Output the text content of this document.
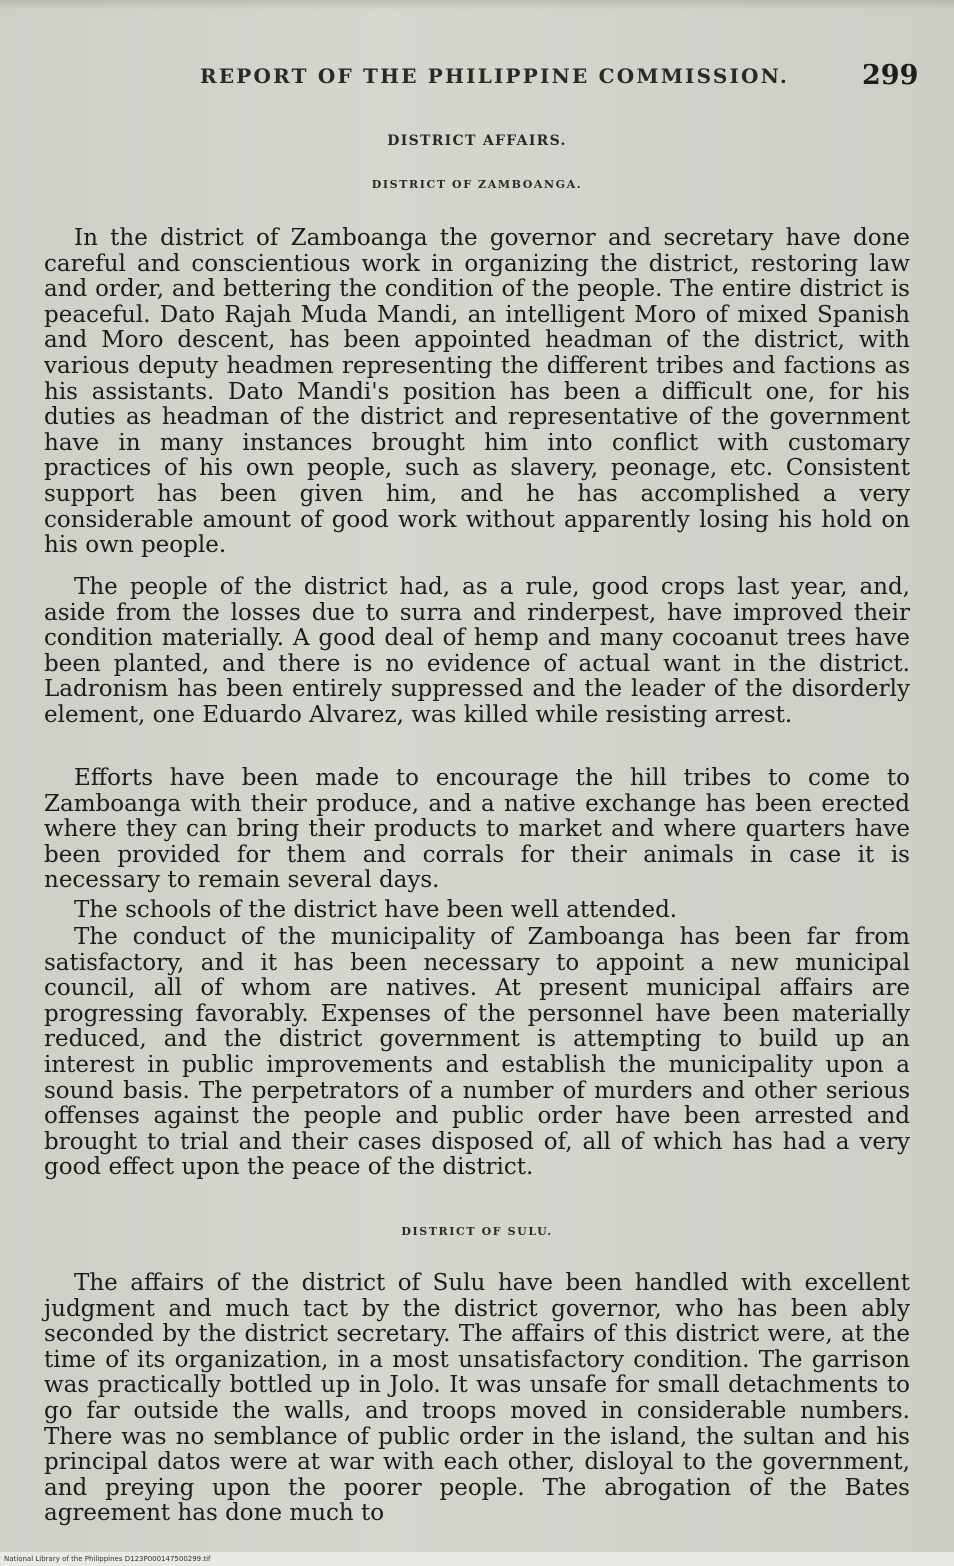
REPORT OF THE PHILIPPINE COMMISSION.	299
DISTRICT AFFAIRS.
DISTRICT OF ZAMBOANGA.

In the district of Zamboanga the governor and secretary have done careful and conscientious work in organizing the district, restoring law and order, and bettering the condition of the people. The entire district is peaceful. Dato Rajah Muda Mandi, an intelligent Moro of mixed Spanish and Moro descent, has been appointed headman of the district, with various deputy headmen representing the different tribes and factions as his assistants. Dato Mandi's position has been a difficult one, for his duties as headman of the district and representative of the government have in many instances brought him into conflict with customary practices of his own people, such as slavery, peonage, etc. Consistent support has been given him, and he has accomplished a very considerable amount of good work without apparently losing his hold on his own people.

The people of the district had, as a rule, good crops last year, and, aside from the losses due to surra and rinderpest, have improved their condition materially. A good deal of hemp and many cocoanut trees have been planted, and there is no evidence of actual want in the district. Ladronism has been entirely suppressed and the leader of the disorderly element, one Eduardo Alvarez, was killed while resisting arrest.

Efforts have been made to encourage the hill tribes to come to Zamboanga with their produce, and a native exchange has been erected where they can bring their products to market and where quarters have been provided for them and corrals for their animals in case it is necessary to remain several days.

The schools of the district have been well attended.

The conduct of the municipality of Zamboanga has been far from satisfactory, and it has been necessary to appoint a new municipal council, all of whom are natives. At present municipal affairs are progressing favorably. Expenses of the personnel have been materially reduced, and the district government is attempting to build up an interest in public improvements and establish the municipality upon a sound basis. The perpetrators of a number of murders and other serious offenses against the people and public order have been arrested and brought to trial and their cases disposed of, all of which has had a very good effect upon the peace of the district.

DISTRICT OF SULU.

The affairs of the district of Sulu have been handled with excellent judgment and much tact by the district governor, who has been ably seconded by the district secretary. The affairs of this district were, at the time of its organization, in a most unsatisfactory condition. The garrison was practically bottled up in Jolo. It was unsafe for small detachments to go far outside the walls, and troops moved in considerable numbers. There was no semblance of public order in the island, the sultan and his principal datos were at war with each other, disloyal to the government, and preying upon the poorer people. The abrogation of the Bates agreement has done much to

National Library of the Philippines D123P000147500299.tif
